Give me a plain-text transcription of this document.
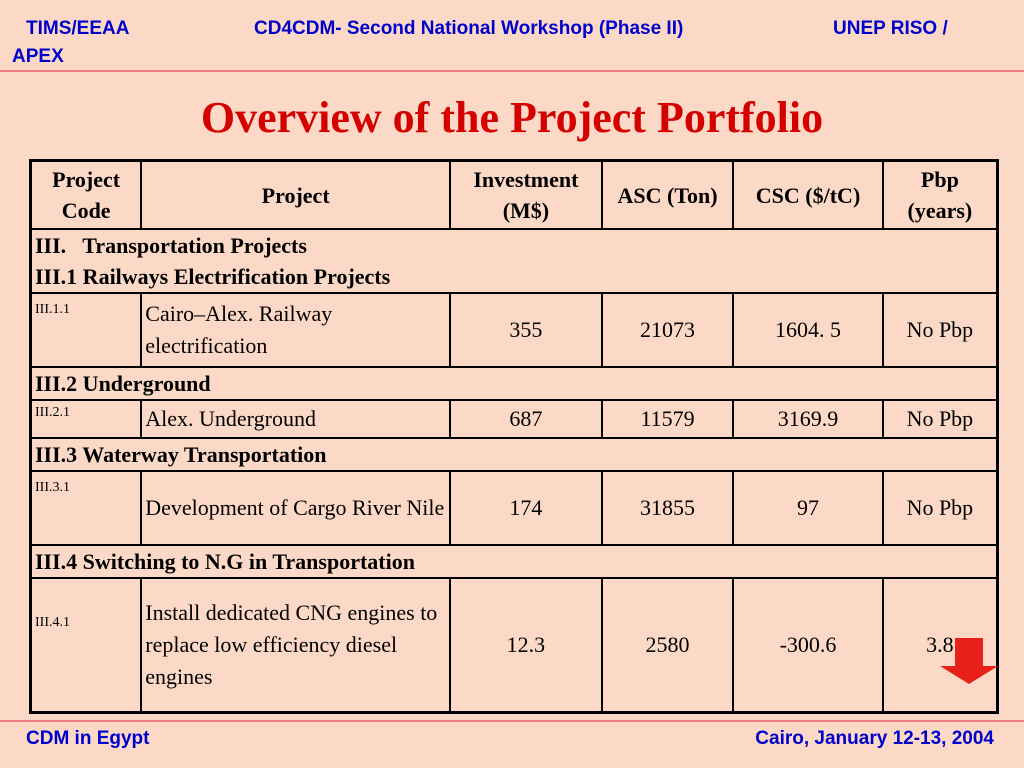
TIMS/EEAA	CD4CDM- Second National Workshop (Phase II)	UNEP RISO /
APEX
Overview of the Project Portfolio
Project Code	Project	Investment (M$)	ASC (Ton)	CSC ($/tC)	Pbp (years)

III.   Transportation Projects
III.1 Railways Electrification Projects					

III.1.1	Cairo–Alex. Railway electrification	355	21073	1604. 5	No Pbp
III.2 Underground					
III.2.1	Alex. Underground	687	11579	3169.9	No Pbp
III.3 Waterway Transportation					
III.3.1	Development of Cargo River Nile	174	31855	97	No Pbp
III.4 Switching to N.G in Transportation					
III.4.1	Install dedicated CNG engines to replace low efficiency diesel engines	12.3	2580	-300.6	3.8
CDM in Egypt	Cairo, January 12-13, 2004
